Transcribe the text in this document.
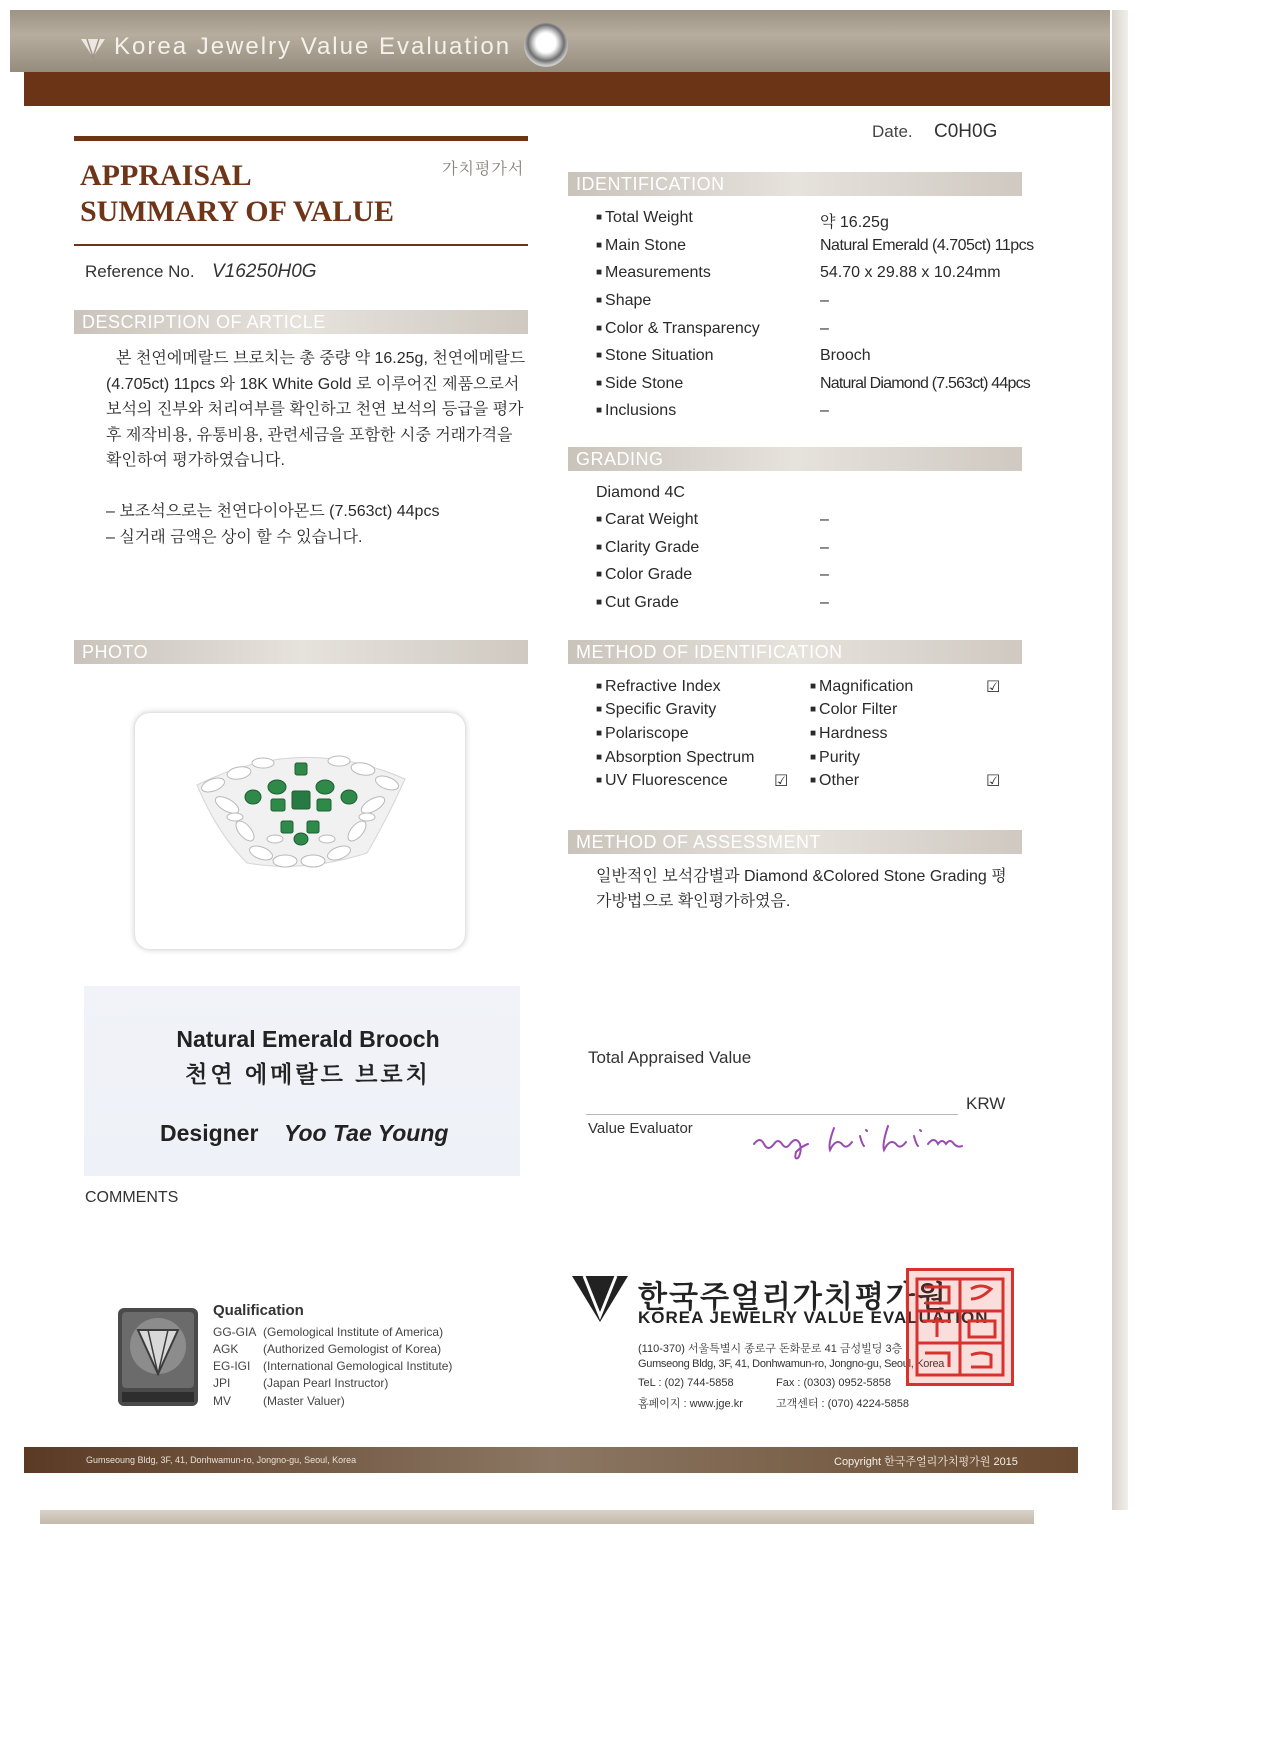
Korea Jewelry Value Evaluation
APPRAISAL
SUMMARY OF VALUE
가치평가서
Reference No. V16250H0G
DESCRIPTION OF ARTICLE
본 천연에메랄드 브로치는 총 중량 약 16.25g, 천연에메랄드 (4.705ct) 11pcs 와 18K White Gold 로 이루어진 제품으로서 보석의 진부와 처리여부를 확인하고 천연 보석의 등급을 평가 후 제작비용, 유통비용, 관련세금을 포함한 시중 거래가격을 확인하여 평가하였습니다.
– 보조석으로는 천연다이아몬드 (7.563ct) 44pcs
– 실거래 금액은 상이 할 수 있습니다.
PHOTO
Natural Emerald Brooch
천연 에메랄드 브로치
Designer Yoo Tae Young
COMMENTS
Date. C0H0G
IDENTIFICATION
■ Total Weight	약 16.25g
■ Main Stone	Natural Emerald (4.705ct) 11pcs
■ Measurements	54.70 x 29.88 x 10.24mm
■ Shape	–
■ Color & Transparency	–
■ Stone Situation	Brooch
■ Side Stone	Natural Diamond (7.563ct) 44pcs
■ Inclusions	–
GRADING
Diamond 4C
■ Carat Weight	–
■ Clarity Grade	–
■ Color Grade	–
■ Cut Grade	–
METHOD OF IDENTIFICATION
■ Refractive Index
■ Specific Gravity
■ Polariscope
■ Absorption Spectrum
■ UV Fluorescence	☑
■ Magnification	☑
■ Color Filter
■ Hardness
■ Purity
■ Other	☑
METHOD OF ASSESSMENT
일반적인 보석감별과 Diamond &Colored Stone Grading 평가방법으로 확인평가하였음.
Total Appraised Value
KRW
Value Evaluator
Qualification
GG-GIA (Gemological Institute of America)
AGK (Authorized Gemologist of Korea)
EG-IGI (International Gemological Institute)
JPI	(Japan Pearl Instructor)
MV	(Master Valuer)
한국주얼리가치평가원
KOREA JEWELRY VALUE EVALUATION
(110-370) 서울특별시 종로구 돈화문로 41 금성빌딩 3층
Gumseong Bldg, 3F, 41, Donhwamun-ro, Jongno-gu, Seoul, Korea
TeL : (02) 744-5858	Fax : (0303) 0952-5858
홈페이지 : www.jge.kr	고객센터 : (070) 4224-5858
Gumseoung Bldg, 3F, 41, Donhwamun-ro, Jongno-gu, Seoul, Korea	Copyright 한국주얼리가치평가원 2015
